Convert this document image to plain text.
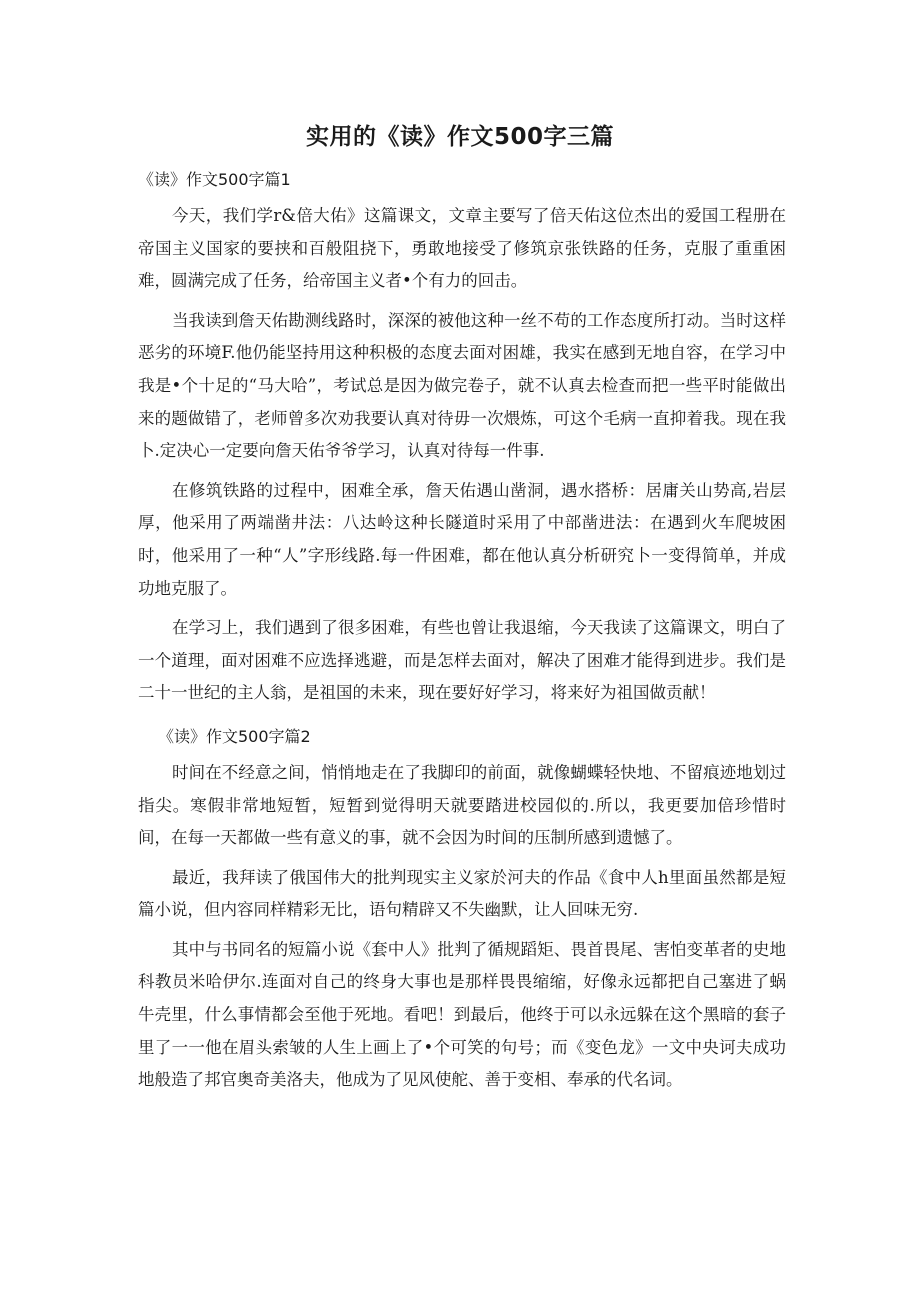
实用的《读》作文500字三篇

《读》作文500字篇1

今天，我们学r&倍大佑》这篇课文，文章主要写了倍天佑这位杰出的爱国工程册在帝国主义国家的要挟和百般阻挠下，勇敢地接受了修筑京张铁路的任务，克服了重重困难，圆满完成了任务，给帝国主义者•个有力的回击。

当我读到詹天佑勘测线路时，深深的被他这种一丝不苟的工作态度所打动。当时这样恶劣的环境F.他仍能坚持用这种积极的态度去面对困雄，我实在感到无地自容，在学习中我是•个十足的“马大哈”，考试总是因为做完卷子，就不认真去检查而把一些平时能做出来的题做错了，老师曾多次劝我要认真对待毋一次煨炼，可这个毛病一直抑着我。现在我卜.定决心一定要向詹天佑爷爷学习，认真对待每一件事.

在修筑铁路的过程中，困难全承，詹天佑遇山凿洞，遇水搭桥：居庸关山势高,岩层厚，他采用了两端凿井法：八达岭这种长隧道时采用了中部凿进法：在遇到火车爬坡困时，他采用了一种“人”字形线路.每一件困难，都在他认真分析研究卜一变得简单，并成功地克服了。

在学习上，我们遇到了很多困难，有些也曾让我退缩，今天我读了这篇课文，明白了一个道理，面对困难不应选择逃避，而是怎样去面对，解决了困难才能得到进步。我们是二十一世纪的主人翁，是祖国的未来，现在要好好学习，将来好为祖国做贡献！

《读》作文500字篇2

时间在不经意之间，悄悄地走在了我脚印的前面，就像蝴蝶轻快地、不留痕迹地划过指尖。寒假非常地短暂，短暂到觉得明天就要踏进校园似的.所以，我更要加倍珍惜时间，在每一天都做一些有意义的事，就不会因为时间的压制所感到遗憾了。

最近，我拜读了俄国伟大的批判现实主义家於河夫的作品《食中人h里面虽然都是短篇小说，但内容同样精彩无比，语句精辟又不失幽默，让人回味无穷.

其中与书同名的短篇小说《套中人》批判了循规蹈矩、畏首畏尾、害怕变革者的史地科教员米哈伊尔.连面对自己的终身大事也是那样畏畏缩缩，好像永远都把自己塞进了蜗牛壳里，什么事情都会至他于死地。看吧！到最后，他终于可以永远躲在这个黑暗的套子里了一一他在眉头索皱的人生上画上了•个可笑的句号；而《变色龙》一文中央诃夫成功地般造了邦官奥奇美洛夫，他成为了见风使舵、善于变相、奉承的代名词。
